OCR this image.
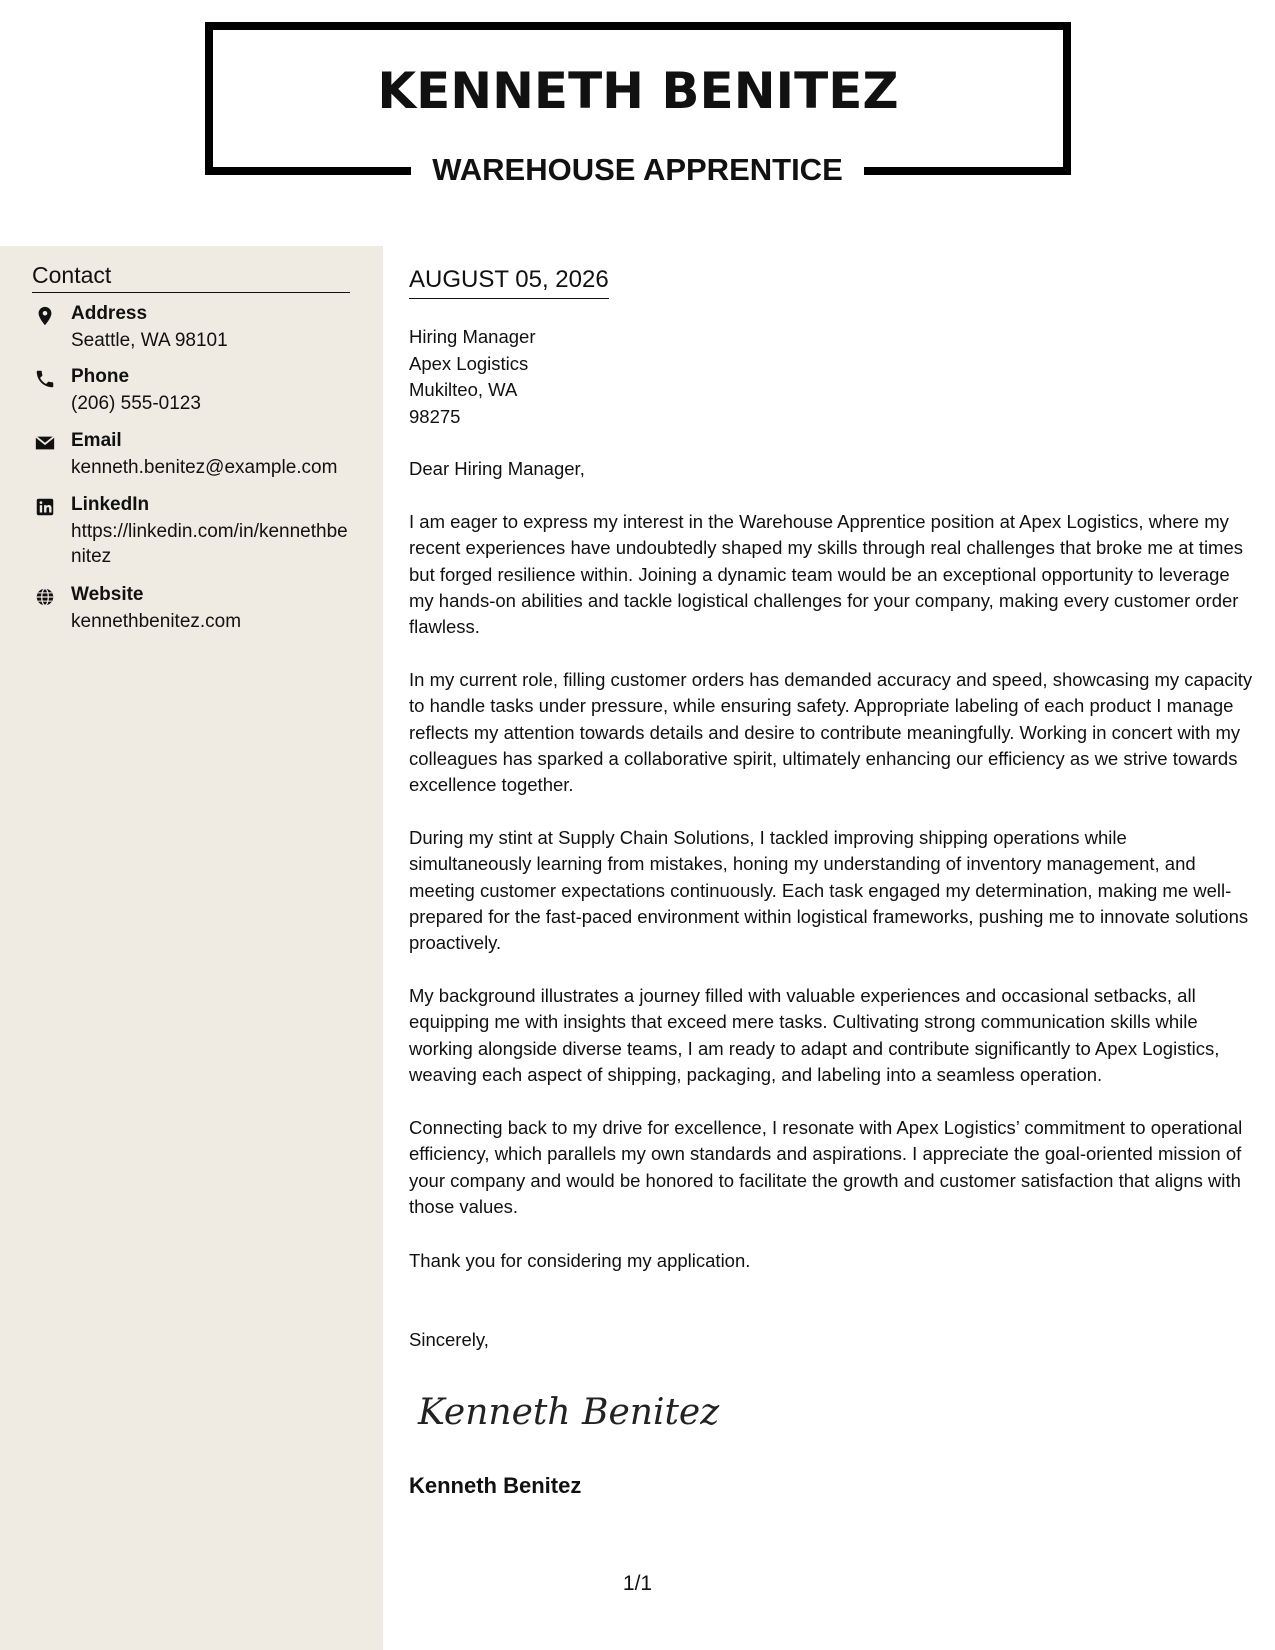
KENNETH BENITEZ
WAREHOUSE APPRENTICE
Contact
Address
Seattle, WA 98101
Phone
(206) 555-0123
Email
kenneth.benitez@example.com
LinkedIn
https://linkedin.com/in/kennethbenitez
Website
kennethbenitez.com
AUGUST 05, 2026
Hiring Manager
Apex Logistics
Mukilteo, WA
98275

Dear Hiring Manager,

I am eager to express my interest in the Warehouse Apprentice position at Apex Logistics, where my recent experiences have undoubtedly shaped my skills through real challenges that broke me at times but forged resilience within. Joining a dynamic team would be an exceptional opportunity to leverage my hands-on abilities and tackle logistical challenges for your company, making every customer order flawless.

In my current role, filling customer orders has demanded accuracy and speed, showcasing my capacity to handle tasks under pressure, while ensuring safety. Appropriate labeling of each product I manage reflects my attention towards details and desire to contribute meaningfully. Working in concert with my colleagues has sparked a collaborative spirit, ultimately enhancing our efficiency as we strive towards excellence together.

During my stint at Supply Chain Solutions, I tackled improving shipping operations while simultaneously learning from mistakes, honing my understanding of inventory management, and meeting customer expectations continuously. Each task engaged my determination, making me well-prepared for the fast-paced environment within logistical frameworks, pushing me to innovate solutions proactively.

My background illustrates a journey filled with valuable experiences and occasional setbacks, all equipping me with insights that exceed mere tasks. Cultivating strong communication skills while working alongside diverse teams, I am ready to adapt and contribute significantly to Apex Logistics, weaving each aspect of shipping, packaging, and labeling into a seamless operation.

Connecting back to my drive for excellence, I resonate with Apex Logistics’ commitment to operational efficiency, which parallels my own standards and aspirations. I appreciate the goal-oriented mission of your company and would be honored to facilitate the growth and customer satisfaction that aligns with those values.

Thank you for considering my application.

Sincerely,

Kenneth Benitez
Kenneth Benitez
1/1
